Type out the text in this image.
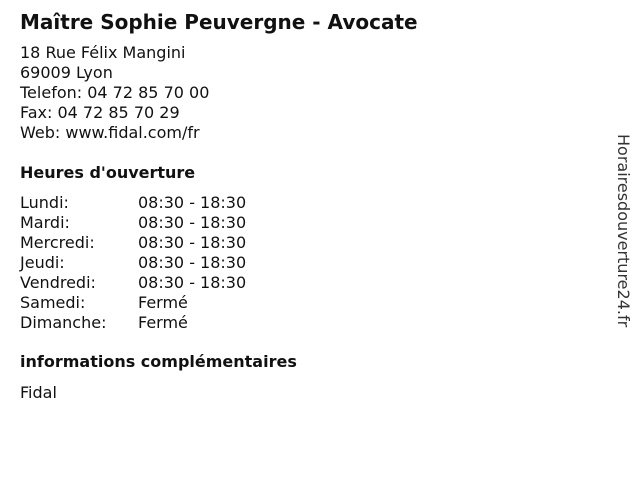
Maître Sophie Peuvergne - Avocate
18 Rue Félix Mangini
69009 Lyon
Telefon: 04 72 85 70 00
Fax: 04 72 85 70 29
Web: www.fidal.com/fr
Heures d'ouverture
Lundi:	08:30 - 18:30
Mardi:	08:30 - 18:30
Mercredi:	08:30 - 18:30
Jeudi:	08:30 - 18:30
Vendredi:	08:30 - 18:30
Samedi:	Fermé
Dimanche:	Fermé
informations complémentaires
Fidal
Horairesdouverture24.fr
